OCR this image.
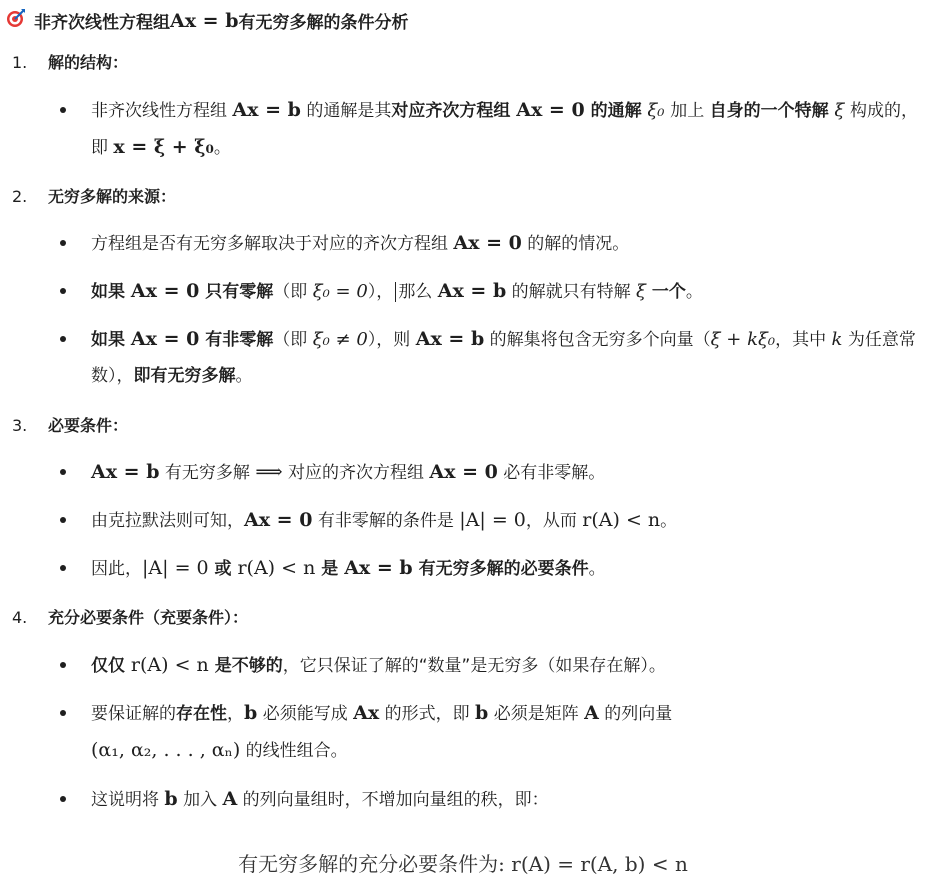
非齐次线性方程组 Ax = b 有无穷多解的条件分析
1. 解的结构：
非齐次线性方程组 Ax = b 的通解是其对应齐次方程组 Ax = 0 的通解 ξ₀ 加上 自身的一个特解 ξ 构成的，即 x = ξ + ξ₀。
2. 无穷多解的来源：
方程组是否有无穷多解取决于对应的齐次方程组 Ax = 0 的解的情况。
如果 Ax = 0 只有零解（即 ξ₀ = 0）， 那么 Ax = b 的解就只有特解 ξ 一个。
如果 Ax = 0 有非零解（即 ξ₀ ≠ 0），则 Ax = b 的解集将包含无穷多个向量（ξ + kξ₀，其中 k 为任意常数），即有无穷多解。
3. 必要条件：
Ax = b 有无穷多解 ⟹ 对应的齐次方程组 Ax = 0 必有非零解。
由克拉默法则可知，Ax = 0 有非零解的条件是 |A| = 0，从而 r(A) < n。
因此，|A| = 0 或 r(A) < n 是 Ax = b 有无穷多解的必要条件。
4. 充分必要条件（充要条件）：
仅仅 r(A) < n 是不够的，它只保证了解的“数量”是无穷多（如果存在解）。
要保证解的存在性，b 必须能写成 Ax 的形式，即 b 必须是矩阵 A 的列向量
(α₁, α₂, . . . , αₙ) 的线性组合。
这说明将 b 加入 A 的列向量组时，不增加向量组的秩，即：
有无穷多解的充分必要条件为: r(A) = r(A, b) < n
